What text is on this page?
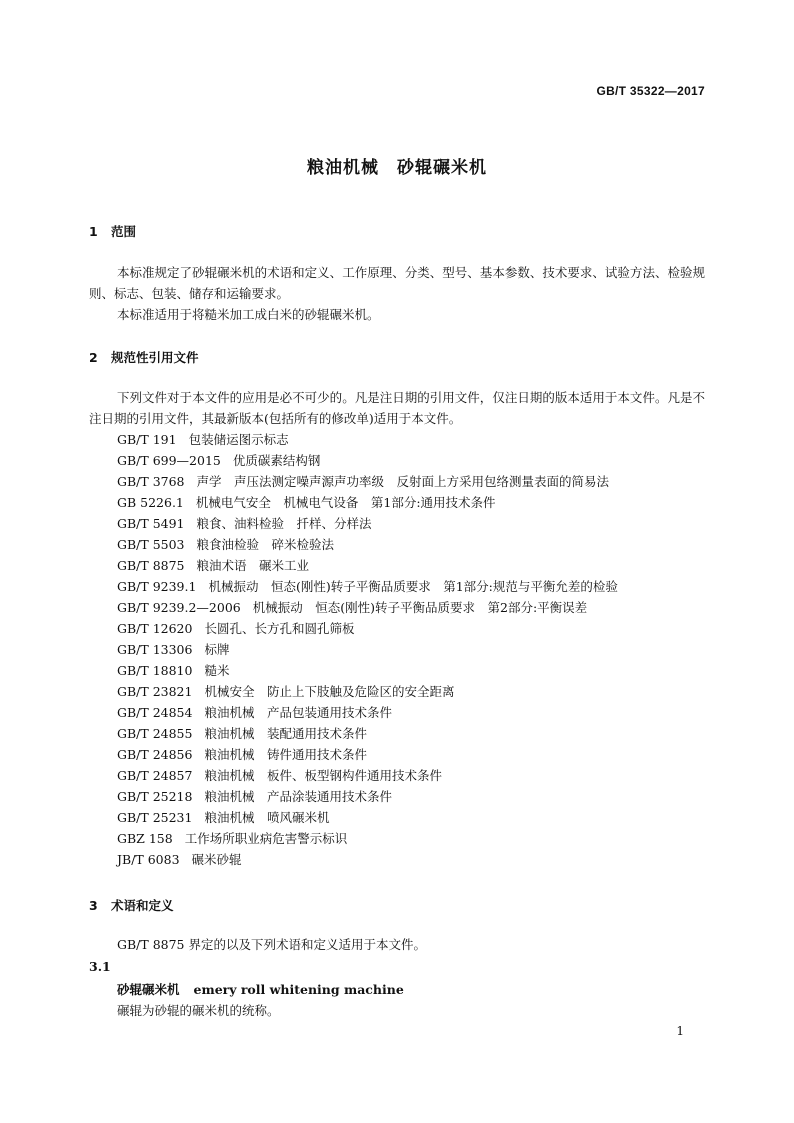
GB/T 35322—2017
粮油机械　砂辊碾米机
1 范围

本标准规定了砂辊碾米机的术语和定义、工作原理、分类、型号、基本参数、技术要求、试验方法、检验规则、标志、包装、储存和运输要求。

本标准适用于将糙米加工成白米的砂辊碾米机。

2 规范性引用文件

下列文件对于本文件的应用是必不可少的。凡是注日期的引用文件，仅注日期的版本适用于本文件。凡是不注日期的引用文件，其最新版本(包括所有的修改单)适用于本文件。

GB/T 191 包装储运图示标志
GB/T 699—2015 优质碳素结构钢
GB/T 3768 声学　声压法测定噪声源声功率级　反射面上方采用包络测量表面的简易法
GB 5226.1 机械电气安全　机械电气设备　第1部分:通用技术条件
GB/T 5491 粮食、油料检验　扦样、分样法
GB/T 5503 粮食油检验　碎米检验法
GB/T 8875 粮油术语　碾米工业
GB/T 9239.1 机械振动　恒态(刚性)转子平衡品质要求　第1部分:规范与平衡允差的检验
GB/T 9239.2—2006 机械振动　恒态(刚性)转子平衡品质要求　第2部分:平衡误差
GB/T 12620 长圆孔、长方孔和圆孔筛板
GB/T 13306 标牌
GB/T 18810 糙米
GB/T 23821 机械安全　防止上下肢触及危险区的安全距离
GB/T 24854 粮油机械　产品包装通用技术条件
GB/T 24855 粮油机械　装配通用技术条件
GB/T 24856 粮油机械　铸件通用技术条件
GB/T 24857 粮油机械　板件、板型钢构件通用技术条件
GB/T 25218 粮油机械　产品涂装通用技术条件
GB/T 25231 粮油机械　喷风碾米机
GBZ 158 工作场所职业病危害警示标识
JB/T 6083 碾米砂辊
3 术语和定义
GB/T 8875 界定的以及下列术语和定义适用于本文件。
3.1
砂辊碾米机 emery roll whitening machine
碾辊为砂辊的碾米机的统称。
1
